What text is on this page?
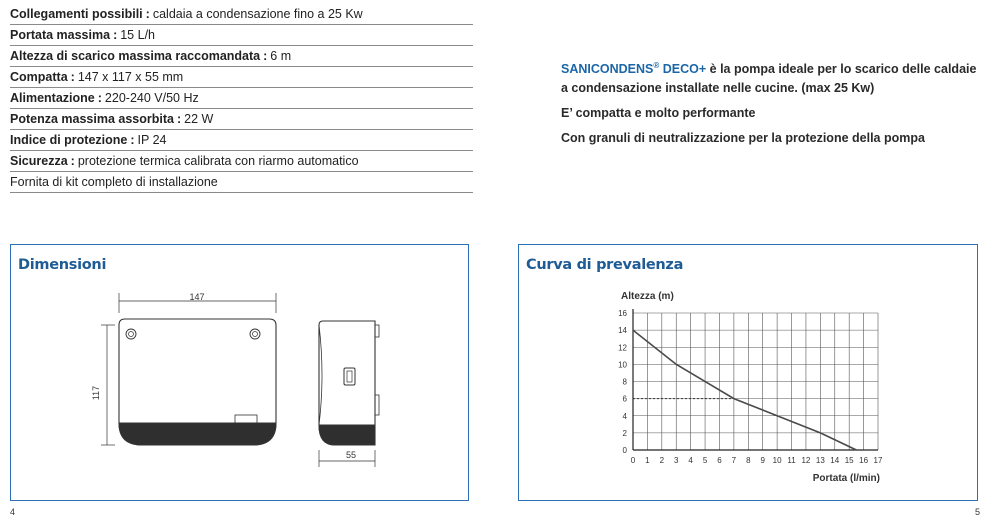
Collegamenti possibili : caldaia a condensazione fino a 25 Kw
Portata massima : 15 L/h
Altezza di scarico massima raccomandata : 6 m
Compatta : 147 x 117 x 55 mm
Alimentazione : 220-240 V/50 Hz
Potenza massima assorbita : 22 W
Indice di protezione : IP 24
Sicurezza : protezione termica calibrata con riarmo automatico
Fornita di kit completo di installazione

SANICONDENS® DECO+ è la pompa ideale per lo scarico delle caldaie a condensazione installate nelle cucine. (max 25 Kw)

E’ compatta e molto performante

Con granuli di neutralizzazione per la protezione della pompa

Dimensioni
147
117
55
Curva di prevalenza
Altezza (m)
Portata (l/min)
0 1 2 3 4 5 6 7 8 9 10 11 12 13 14 15 16 17
0
2
4
6
8
10
12
14
16
4	5
